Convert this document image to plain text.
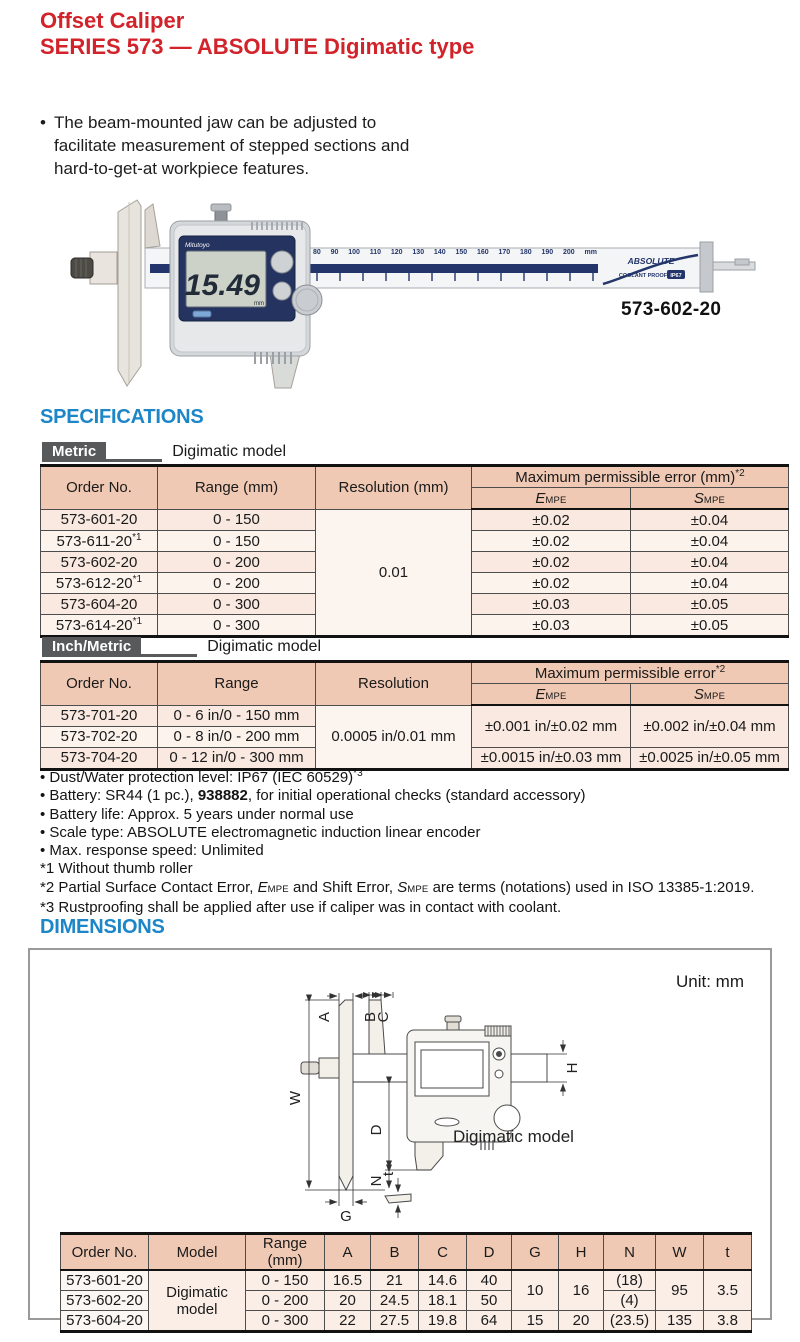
Offset Caliper
SERIES 573 — ABSOLUTE Digimatic type
•
The beam-mounted jaw can be adjusted to facilitate measurement of stepped sections and hard-to-get-at workpiece features.
ABSOLUTE
COOLANT PROOF IP67
Mitutoyo
15.49
mm
80 90 100 110 120 130 140 150 160 170 180 190 200 mm
573-602-20
SPECIFICATIONS
Metric	Digimatic model
Order No.	Range (mm)	Resolution (mm)	Maximum permissible error (mm)$^{*2}$
			EMPE	SMPE
573-601-20	0 - 150	0.01	±0.02	±0.04
573-611-20$^{*1}$	0 - 150		±0.02	±0.04
573-602-20	0 - 200		±0.02	±0.04
573-612-20$^{*1}$	0 - 200		±0.02	±0.04
573-604-20	0 - 300		±0.03	±0.05
573-614-20$^{*1}$	0 - 300		±0.03	±0.05
Inch/Metric	Digimatic model
Order No.	Range	Resolution	Maximum permissible error$^{*2}$
			EMPE	SMPE
573-701-20	0 - 6 in/0 - 150 mm	0.0005 in/0.01 mm	±0.001 in/±0.02 mm	±0.002 in/±0.04 mm
573-702-20	0 - 8 in/0 - 200 mm			
573-704-20	0 - 12 in/0 - 300 mm		±0.0015 in/±0.03 mm	±0.0025 in/±0.05 mm
• Dust/Water protection level: IP67 (IEC 60529)$^{*3}$
• Battery: SR44 (1 pc.), 938882, for initial operational checks (standard accessory)
• Battery life: Approx. 5 years under normal use
• Scale type: ABSOLUTE electromagnetic induction linear encoder
• Max. response speed: Unlimited
*1 Without thumb roller
*2 Partial Surface Contact Error, EMPE and Shift Error, SMPE are terms (notations) used in ISO 13385-1:2019.
*3 Rustproofing shall be applied after use if caliper was in contact with coolant.
DIMENSIONS
Unit: mm
W
A B
C
H
D
N
G
t
Digimatic model
Order No.	Model	Range (mm)	A	B	C	D	G	H	N	W	t
573-601-20	Digimatic model	0 - 150	16.5	21	14.6	40	10	16	(18)	95	3.5
573-602-20		0 - 200	20	24.5	18.1	50			(4)		
573-604-20		0 - 300	22	27.5	19.8	64	15	20	(23.5)	135	3.8
